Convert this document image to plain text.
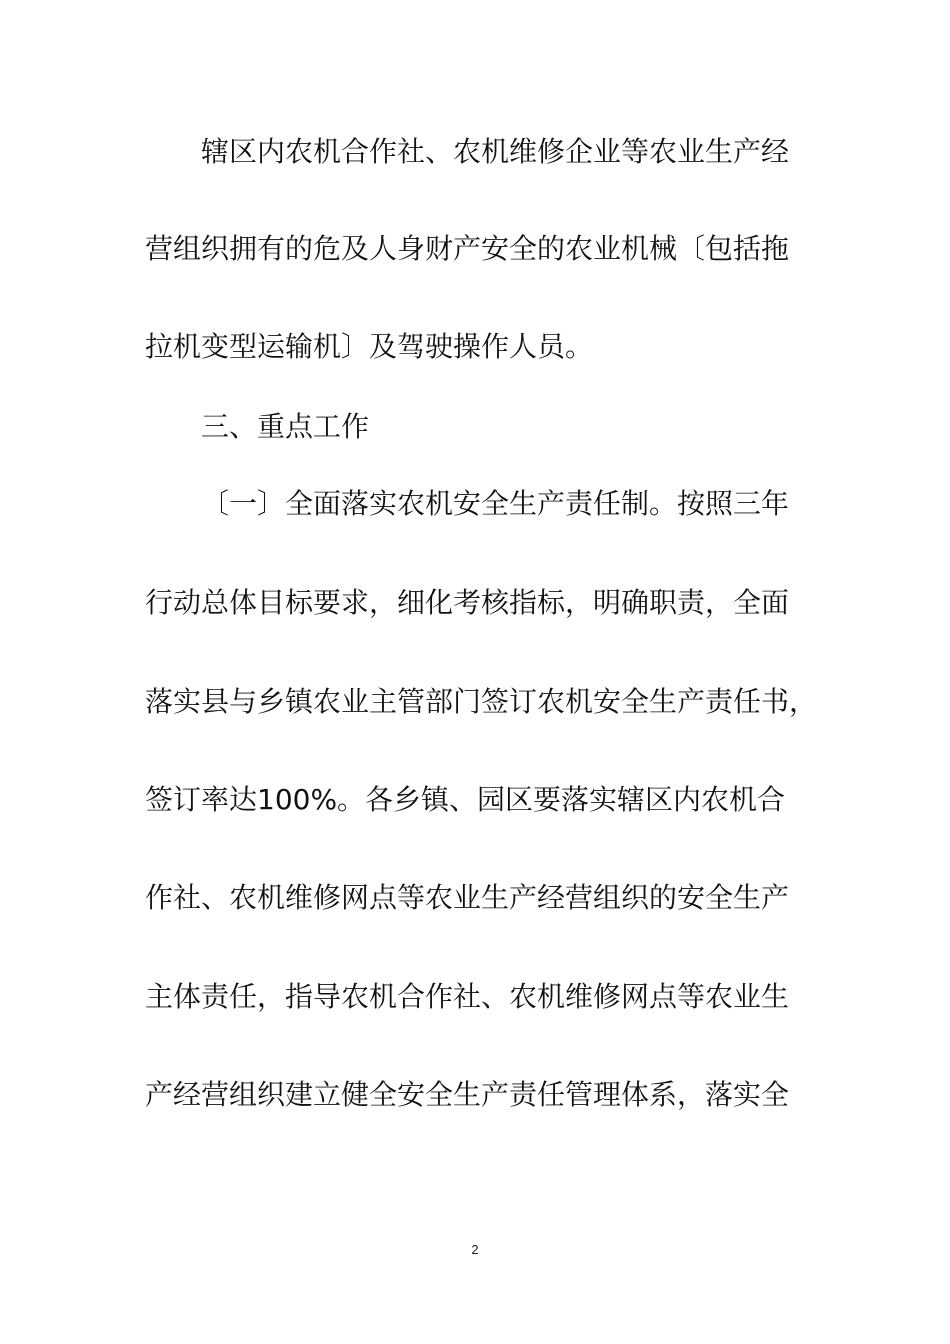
辖区内农机合作社、农机维修企业等农业生产经
营组织拥有的危及人身财产安全的农业机械〔包括拖
拉机变型运输机〕及驾驶操作人员。
三、重点工作
〔一〕全面落实农机安全生产责任制。按照三年
行动总体目标要求，细化考核指标，明确职责，全面
落实县与乡镇农业主管部门签订农机安全生产责任书，
签订率达100%。各乡镇、园区要落实辖区内农机合
作社、农机维修网点等农业生产经营组织的安全生产
主体责任，指导农机合作社、农机维修网点等农业生
产经营组织建立健全安全生产责任管理体系，落实全
2
